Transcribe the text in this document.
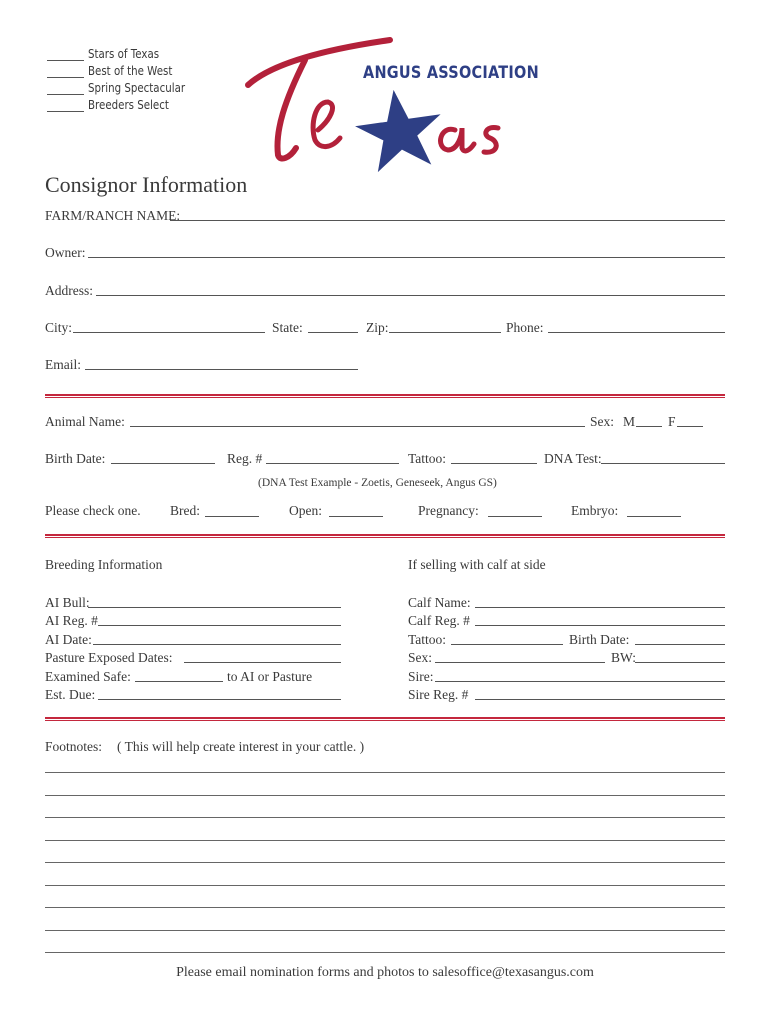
Stars of Texas
Best of the West
Spring Spectacular
Breeders Select
ANGUS ASSOCIATION
Consignor Information
FARM/RANCH NAME:
Owner:
Address:
City:	State:	Zip:	Phone:
Email:
Animal Name:	Sex: M F
Birth Date:	Reg. #	Tattoo:	DNA Test:
(DNA Test Example - Zoetis, Geneseek, Angus GS)
Please check one. Bred:	Open:	Pregnancy:	Embryo:
Breeding Information	If selling with calf at side
AI Bull:
AI Reg. #
AI Date:
Pasture Exposed Dates:
Examined Safe:	to AI or Pasture
Est. Due:
Calf Name:
Calf Reg. #
Tattoo:	Birth Date:
Sex:	BW:
Sire:
Sire Reg. #
Footnotes: ( This will help create interest in your cattle. )
Please email nomination forms and photos to salesoffice@texasangus.com
